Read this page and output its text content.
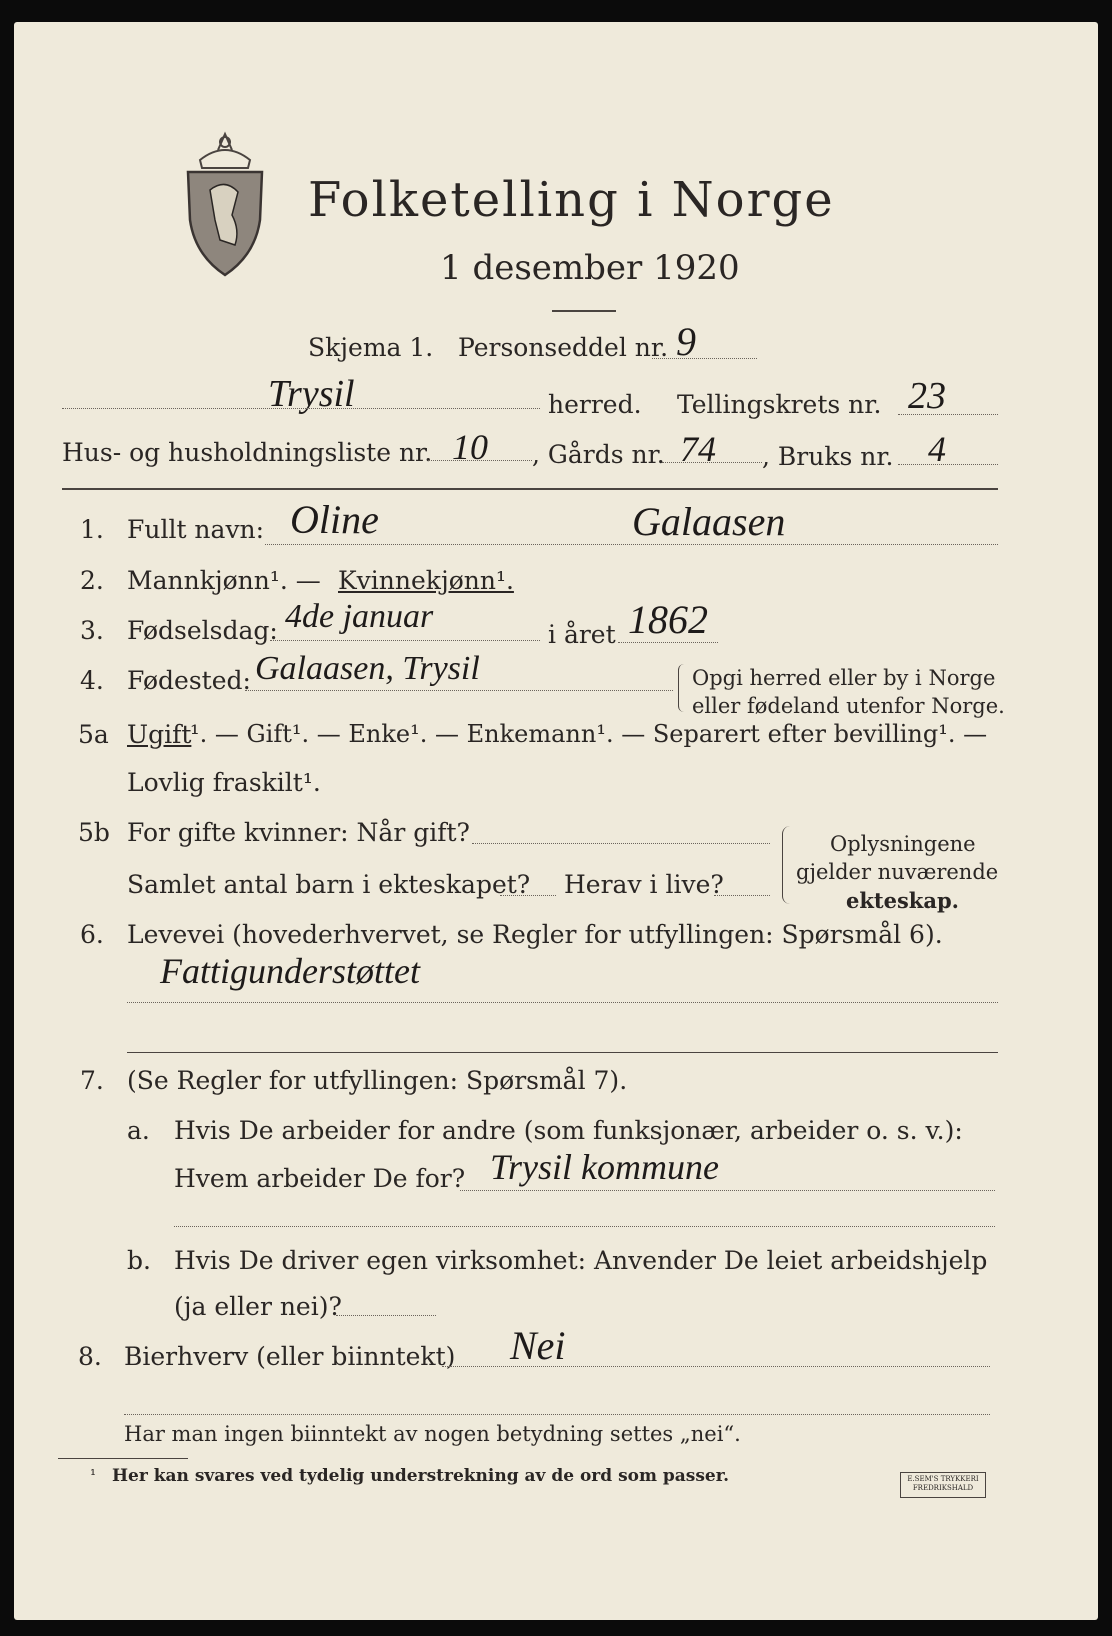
Folketelling i Norge
1 desember 1920
Skjema 1. Personseddel nr. 9
Trysil	herred. Tellingskrets nr. 23
Hus- og husholdningsliste nr. 10 , Gårds nr. 74 , Bruks nr. 4
1. Fullt navn: Oline	Galaasen
2. Mannkjønn¹. — Kvinnekjønn¹.
3. Fødselsdag: 4de januar	i året 1862
4. Fødested: Galaasen, Trysil	Opgi herred eller by i Norge
eller fødeland utenfor Norge.
5a Ugift
¹. — Gift¹. — Enke¹. — Enkemann¹. — Separert efter bevilling¹. —
Lovlig fraskilt¹.
5b For gifte kvinner: Når gift?
Samlet antal barn i ekteskapet? Herav i live?
Oplysningene
gjelder nuværende
ekteskap.
6. Levevei (hovederhvervet, se Regler for utfyllingen: Spørsmål 6).
Fattigunderstøttet
7. (Se Regler for utfyllingen: Spørsmål 7).
a. Hvis De arbeider for andre (som funksjonær, arbeider o. s. v.):
Hvem arbeider De for? Trysil kommune
b. Hvis De driver egen virksomhet: Anvender De leiet arbeidshjelp
(ja eller nei)?
8. Bierhverv (eller biinntekt) Nei
Har man ingen biinntekt av nogen betydning settes „nei“.
¹ Her kan svares ved tydelig understrekning av de ord som passer.	E.SEM'S TRYKKERI
FREDRIKSHALD
